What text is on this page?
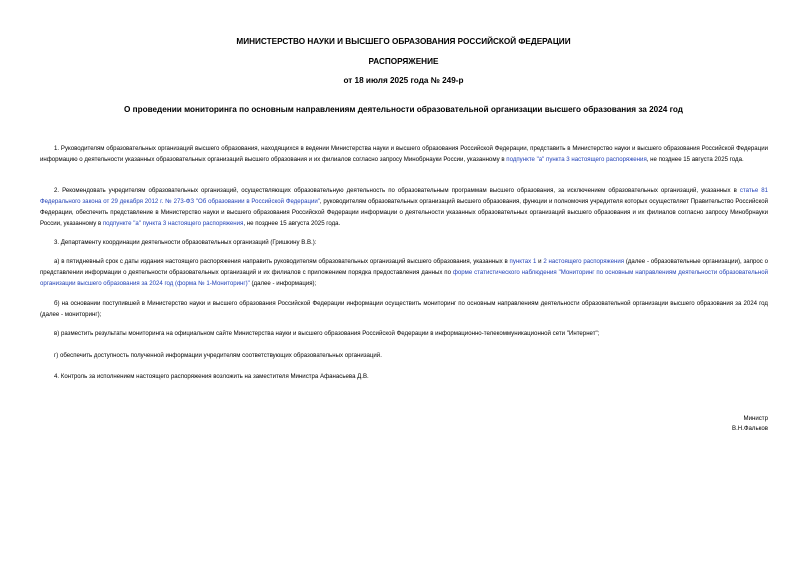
МИНИСТЕРСТВО НАУКИ И ВЫСШЕГО ОБРАЗОВАНИЯ РОССИЙСКОЙ ФЕДЕРАЦИИ
РАСПОРЯЖЕНИЕ
от 18 июля 2025 года № 249-р
О проведении мониторинга по основным направлениям деятельности образовательной организации высшего образования за 2024 год
1. Руководителям образовательных организаций высшего образования, находящихся в ведении Министерства науки и высшего образования Российской Федерации, представить в Министерство науки и высшего образования Российской Федерации информацию о деятельности указанных образовательных организаций высшего образования и их филиалов согласно запросу Минобрнауки России, указанному в подпункте "а" пункта 3 настоящего распоряжения, не позднее 15 августа 2025 года.
2. Рекомендовать учредителям образовательных организаций, осуществляющих образовательную деятельность по образовательным программам высшего образования, за исключением образовательных организаций, указанных в статье 81 Федерального закона от 29 декабря 2012 г. № 273-ФЗ "Об образовании в Российской Федерации", руководителям образовательных организаций высшего образования, функции и полномочия учредителя которых осуществляет Правительство Российской Федерации, обеспечить представление в Министерство науки и высшего образования Российской Федерации информации о деятельности указанных образовательных организаций высшего образования и их филиалов согласно запросу Минобрнауки России, указанному в подпункте "а" пункта 3 настоящего распоряжения, не позднее 15 августа 2025 года.
3. Департаменту координации деятельности образовательных организаций (Гришкину В.В.):
а) в пятидневный срок с даты издания настоящего распоряжения направить руководителям образовательных организаций высшего образования, указанных в пунктах 1 и 2 настоящего распоряжения (далее - образовательные организации), запрос о представлении информации о деятельности образовательных организаций и их филиалов с приложением порядка предоставления данных по форме статистического наблюдения "Мониторинг по основным направлениям деятельности образовательной организации высшего образования за 2024 год (форма № 1-Мониторинг)" (далее - информация);
б) на основании поступившей в Министерство науки и высшего образования Российской Федерации информации осуществить мониторинг по основным направлениям деятельности образовательной организации высшего образования за 2024 год (далее - мониторинг);
в) разместить результаты мониторинга на официальном сайте Министерства науки и высшего образования Российской Федерации в информационно-телекоммуникационной сети "Интернет";
г) обеспечить доступность полученной информации учредителям соответствующих образовательных организаций.
4. Контроль за исполнением настоящего распоряжения возложить на заместителя Министра Афанасьева Д.В.
Министр
В.Н.Фальков
